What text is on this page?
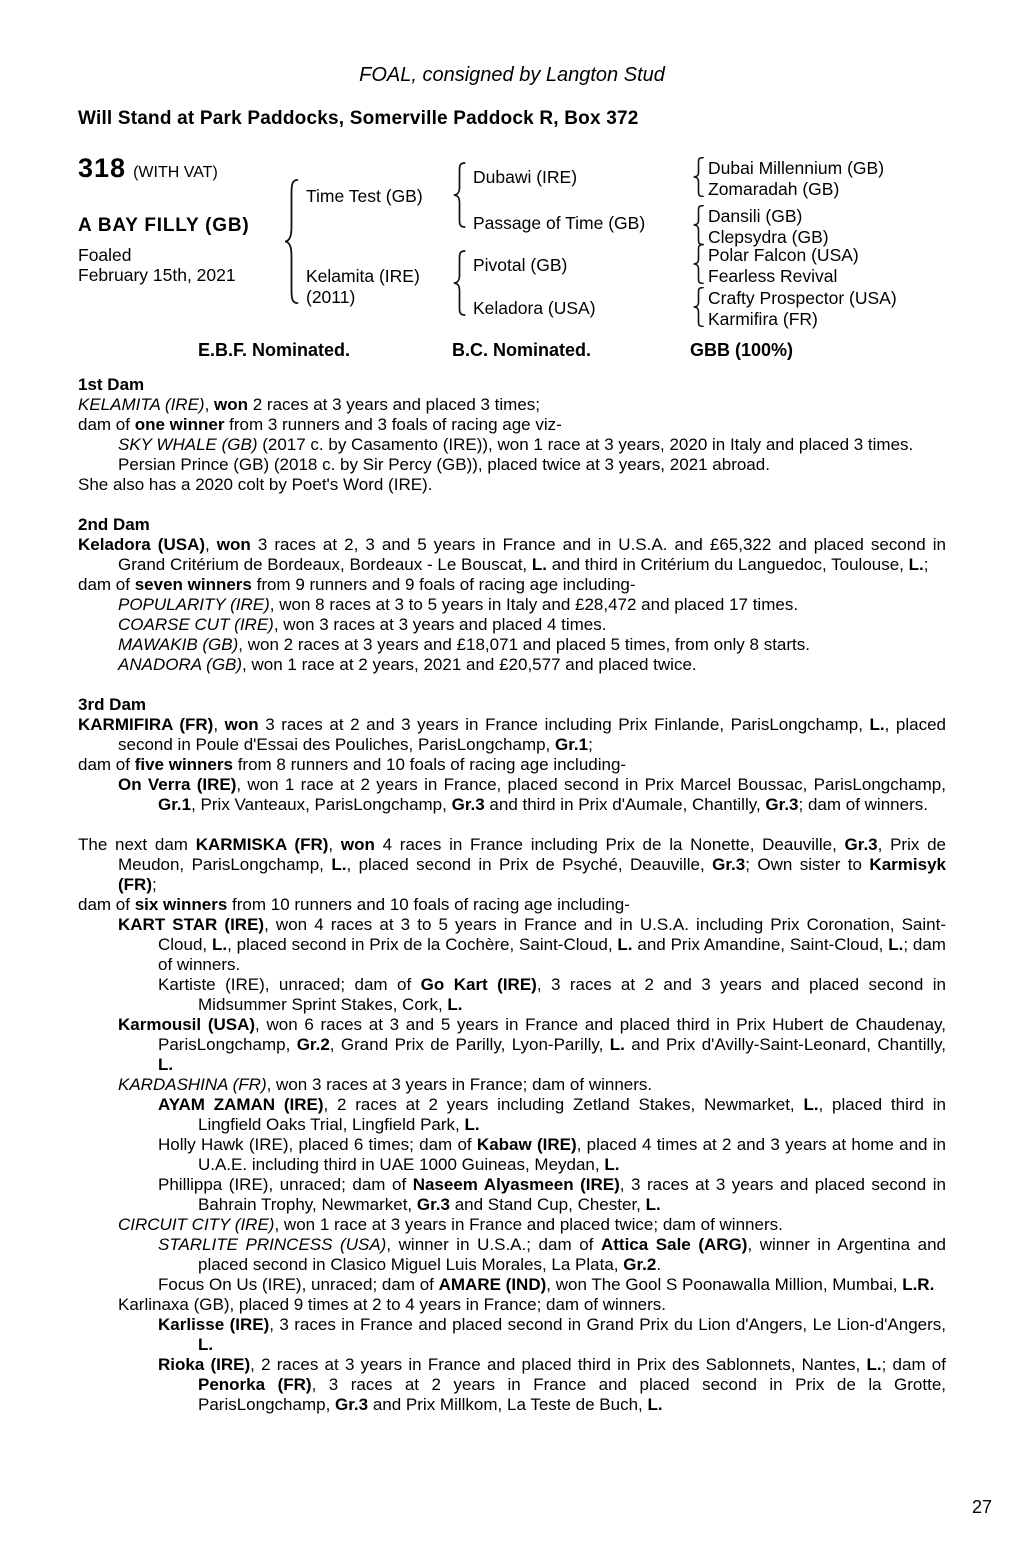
FOAL, consigned by Langton Stud

Will Stand at Park Paddocks, Somerville Paddock R, Box 372

318 (WITH VAT)
A BAY FILLY (GB)
Foaled
February 15th, 2021
Time Test (GB)
Kelamita (IRE)
(2011)
Dubawi (IRE)
Passage of Time (GB)
Pivotal (GB)
Keladora (USA)
Dubai Millennium (GB)
Zomaradah (GB)
Dansili (GB)
Clepsydra (GB)
Polar Falcon (USA)
Fearless Revival
Crafty Prospector (USA)
Karmifira (FR)
E.B.F. Nominated.	B.C. Nominated.	GBB (100%)
1st Dam

KELAMITA (IRE), won 2 races at 3 years and placed 3 times;

dam of one winner from 3 runners and 3 foals of racing age viz-

SKY WHALE (GB) (2017 c. by Casamento (IRE)), won 1 race at 3 years, 2020 in Italy and placed 3 times.

Persian Prince (GB) (2018 c. by Sir Percy (GB)), placed twice at 3 years, 2021 abroad.

She also has a 2020 colt by Poet's Word (IRE).

2nd Dam

Keladora (USA), won 3 races at 2, 3 and 5 years in France and in U.S.A. and £65,322 and placed second in Grand Critérium de Bordeaux, Bordeaux - Le Bouscat, L. and third in Critérium du Languedoc, Toulouse, L.;

dam of seven winners from 9 runners and 9 foals of racing age including-

POPULARITY (IRE), won 8 races at 3 to 5 years in Italy and £28,472 and placed 17 times.

COARSE CUT (IRE), won 3 races at 3 years and placed 4 times.

MAWAKIB (GB), won 2 races at 3 years and £18,071 and placed 5 times, from only 8 starts.

ANADORA (GB), won 1 race at 2 years, 2021 and £20,577 and placed twice.

3rd Dam

KARMIFIRA (FR), won 3 races at 2 and 3 years in France including Prix Finlande, ParisLongchamp, L., placed second in Poule d'Essai des Pouliches, ParisLongchamp, Gr.1;

dam of five winners from 8 runners and 10 foals of racing age including-

On Verra (IRE), won 1 race at 2 years in France, placed second in Prix Marcel Boussac, ParisLongchamp, Gr.1, Prix Vanteaux, ParisLongchamp, Gr.3 and third in Prix d'Aumale, Chantilly, Gr.3; dam of winners.

The next dam KARMISKA (FR), won 4 races in France including Prix de la Nonette, Deauville, Gr.3, Prix de Meudon, ParisLongchamp, L., placed second in Prix de Psyché, Deauville, Gr.3; Own sister to Karmisyk (FR);

dam of six winners from 10 runners and 10 foals of racing age including-

KART STAR (IRE), won 4 races at 3 to 5 years in France and in U.S.A. including Prix Coronation, Saint-Cloud, L., placed second in Prix de la Cochère, Saint-Cloud, L. and Prix Amandine, Saint-Cloud, L.; dam of winners.

Kartiste (IRE), unraced; dam of Go Kart (IRE), 3 races at 2 and 3 years and placed second in Midsummer Sprint Stakes, Cork, L.

Karmousil (USA), won 6 races at 3 and 5 years in France and placed third in Prix Hubert de Chaudenay, ParisLongchamp, Gr.2, Grand Prix de Parilly, Lyon-Parilly, L. and Prix d'Avilly-Saint-Leonard, Chantilly, L.

KARDASHINA (FR), won 3 races at 3 years in France; dam of winners.

AYAM ZAMAN (IRE), 2 races at 2 years including Zetland Stakes, Newmarket, L., placed third in Lingfield Oaks Trial, Lingfield Park, L.

Holly Hawk (IRE), placed 6 times; dam of Kabaw (IRE), placed 4 times at 2 and 3 years at home and in U.A.E. including third in UAE 1000 Guineas, Meydan, L.

Phillippa (IRE), unraced; dam of Naseem Alyasmeen (IRE), 3 races at 3 years and placed second in Bahrain Trophy, Newmarket, Gr.3 and Stand Cup, Chester, L.

CIRCUIT CITY (IRE), won 1 race at 3 years in France and placed twice; dam of winners.

STARLITE PRINCESS (USA), winner in U.S.A.; dam of Attica Sale (ARG), winner in Argentina and placed second in Clasico Miguel Luis Morales, La Plata, Gr.2.

Focus On Us (IRE), unraced; dam of AMARE (IND), won The Gool S Poonawalla Million, Mumbai, L.R.

Karlinaxa (GB), placed 9 times at 2 to 4 years in France; dam of winners.

Karlisse (IRE), 3 races in France and placed second in Grand Prix du Lion d'Angers, Le Lion-d'Angers, L.

Rioka (IRE), 2 races at 3 years in France and placed third in Prix des Sablonnets, Nantes, L.; dam of Penorka (FR), 3 races at 2 years in France and placed second in Prix de la Grotte, ParisLongchamp, Gr.3 and Prix Millkom, La Teste de Buch, L.

27
